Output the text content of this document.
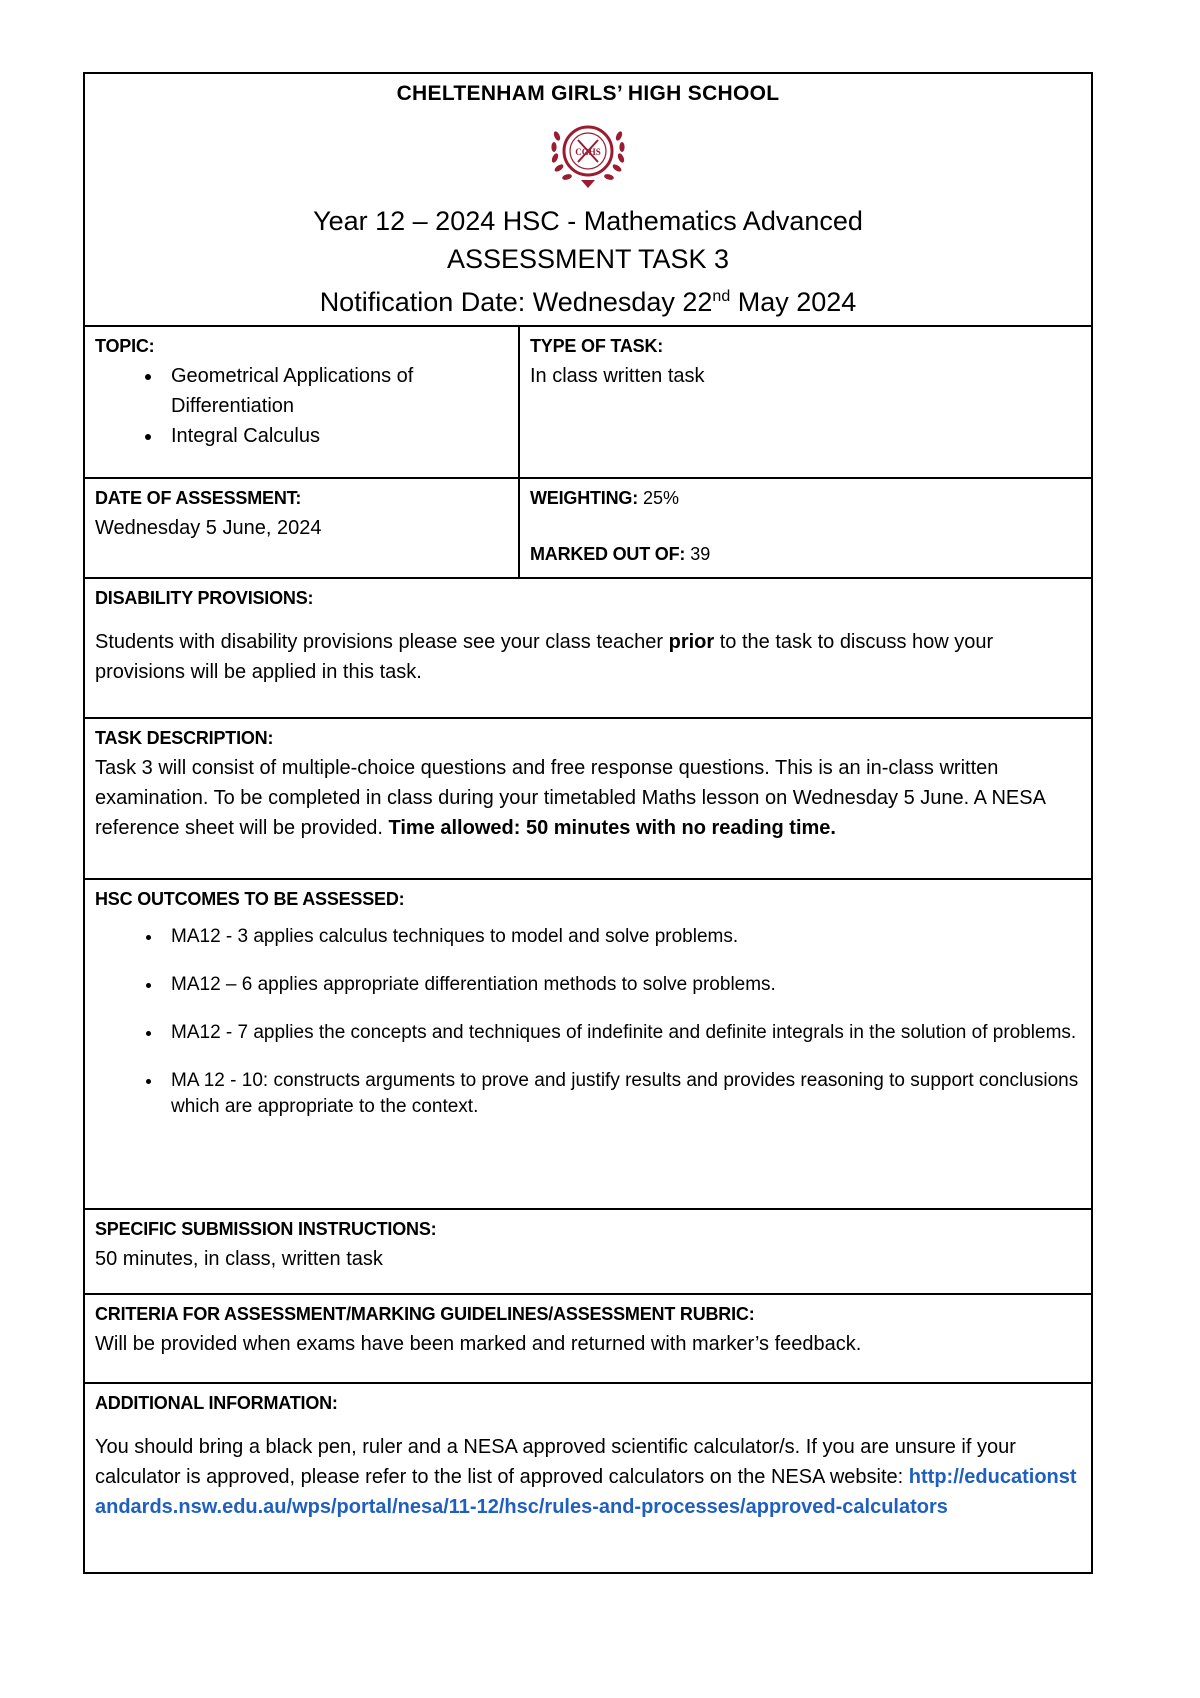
CHELTENHAM GIRLS’ HIGH SCHOOL
CGHS
Year 12 – 2024 HSC - Mathematics Advanced
ASSESSMENT TASK 3
Notification Date: Wednesday 22nd May 2024
TOPIC:
• Geometrical Applications of Differentiation
• Integral Calculus
TYPE OF TASK:
In class written task
DATE OF ASSESSMENT:
Wednesday 5 June, 2024
WEIGHTING: 25%
MARKED OUT OF: 39
DISABILITY PROVISIONS:

Students with disability provisions please see your class teacher prior to the task to discuss how your provisions will be applied in this task.

TASK DESCRIPTION:

Task 3 will consist of multiple-choice questions and free response questions. This is an in-class written examination. To be completed in class during your timetabled Maths lesson on Wednesday 5 June. A NESA reference sheet will be provided. Time allowed: 50 minutes with no reading time.

HSC OUTCOMES TO BE ASSESSED:
• MA12 - 3 applies calculus techniques to model and solve problems.
• MA12 – 6 applies appropriate differentiation methods to solve problems.
• MA12 - 7 applies the concepts and techniques of indefinite and definite integrals in the solution of problems.
• MA 12 - 10: constructs arguments to prove and justify results and provides reasoning to support conclusions which are appropriate to the context.
SPECIFIC SUBMISSION INSTRUCTIONS:
50 minutes, in class, written task
CRITERIA FOR ASSESSMENT/MARKING GUIDELINES/ASSESSMENT RUBRIC:
Will be provided when exams have been marked and returned with marker’s feedback.
ADDITIONAL INFORMATION:

You should bring a black pen, ruler and a NESA approved scientific calculator/s. If you are unsure if your calculator is approved, please refer to the list of approved calculators on the NESA website: http://educationstandards.nsw.edu.au/wps/portal/nesa/11-12/hsc/rules-and-processes/approved-calculators
